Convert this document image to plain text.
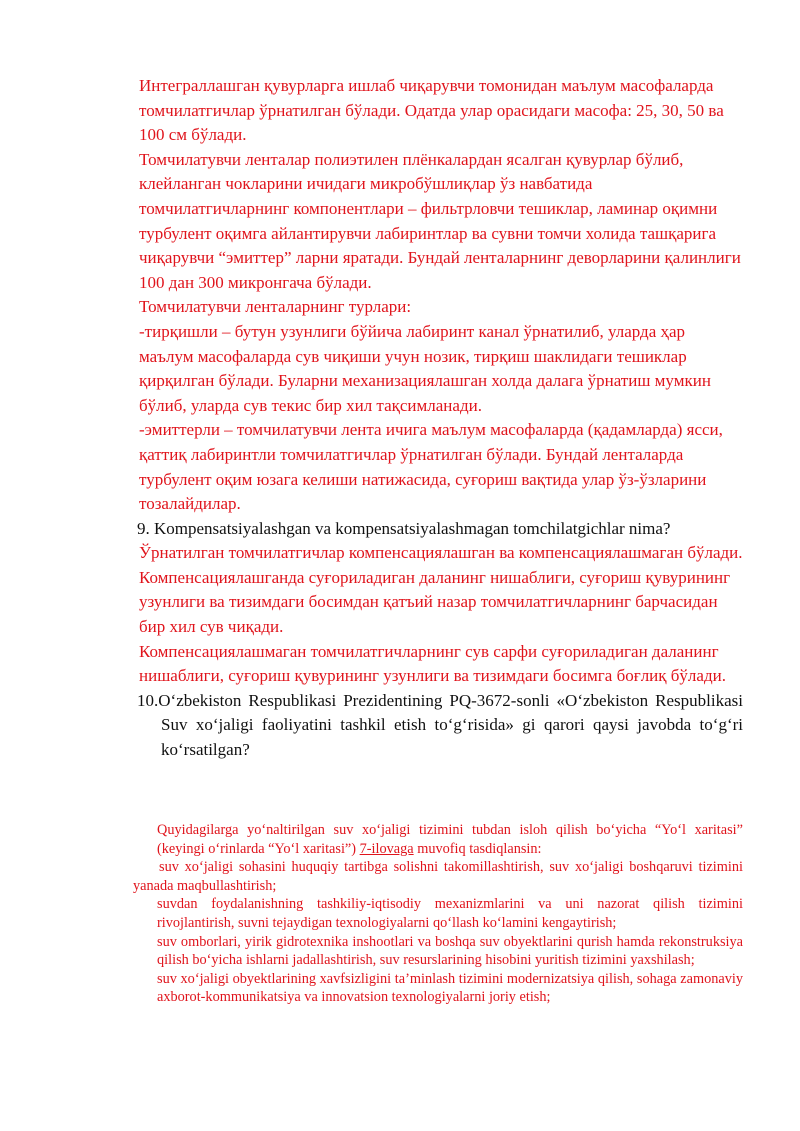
Интеграллашган қувурларга ишлаб чиқарувчи томонидан маълум масофаларда томчилатгичлар ўрнатилган бўлади. Одатда улар орасидаги масофа: 25, 30, 50 ва 100 см бўлади.

Томчилатувчи ленталар полиэтилен плёнкалардан ясалган қувурлар бўлиб, клейланган чокларини ичидаги микробўшлиқлар ўз навбатида томчилатгичларнинг компонентлари – фильтрловчи тешиклар, ламинар оқимни турбулент оқимга айлантирувчи лабиринтлар ва сувни томчи холида ташқарига чиқарувчи “эмиттер” ларни яратади. Бундай ленталарнинг деворларини қалинлиги 100 дан 300 микронгача бўлади.

Томчилатувчи ленталарнинг турлари:

-тирқишли – бутун узунлиги бўйича лабиринт канал ўрнатилиб, уларда ҳар маълум масофаларда сув чиқиши учун нозик, тирқиш шаклидаги тешиклар қирқилган бўлади. Буларни механизациялашган холда далага ўрнатиш мумкин бўлиб, уларда сув текис бир хил тақсимланади.

-эмиттерли – томчилатувчи лента ичига маълум масофаларда (қадамларда) ясси, қаттиқ лабиринтли томчилатгичлар ўрнатилган бўлади. Бундай ленталарда турбулент оқим юзага келиши натижасида, суғориш вақтида улар ўз-ўзларини тозалайдилар.

9. Kompensatsiyalashgan va kompensatsiyalashmagan tomchilatgichlar nima?

Ўрнатилган томчилатгичлар компенсациялашган ва компенсациялашмаган бўлади. Компенсациялашганда суғориладиган даланинг нишаблиги, суғориш қувурининг узунлиги ва тизимдаги босимдан қатъий назар томчилатгичларнинг барчасидан бир хил сув чиқади.

Компенсациялашмаган томчилатгичларнинг сув сарфи суғориладиган даланинг нишаблиги, суғориш қувурининг узунлиги ва тизимдаги босимга боғлиқ бўлади.

10.O‘zbekiston Respublikasi Prezidentining PQ-3672-sonli «O‘zbekiston Respublikasi Suv xo‘jaligi faoliyatini tashkil etish to‘g‘risida» gi qarori qaysi javobda to‘g‘ri ko‘rsatilgan?

Quyidagilarga yo‘naltirilgan suv xo‘jaligi tizimini tubdan isloh qilish bo‘yicha “Yo‘l xaritasi” (keyingi o‘rinlarda “Yo‘l xaritasi”) 7-ilovaga muvofiq tasdiqlansin:

suv xo‘jaligi sohasini huquqiy tartibga solishni takomillashtirish, suv xo‘jaligi boshqaruvi tizimini yanada maqbullashtirish;

suvdan foydalanishning tashkiliy-iqtisodiy mexanizmlarini va uni nazorat qilish tizimini rivojlantirish, suvni tejaydigan texnologiyalarni qo‘llash ko‘lamini kengaytirish;

suv omborlari, yirik gidrotexnika inshootlari va boshqa suv obyektlarini qurish hamda rekonstruksiya qilish bo‘yicha ishlarni jadallashtirish, suv resurslarining hisobini yuritish tizimini yaxshilash;

suv xo‘jaligi obyektlarining xavfsizligini ta’minlash tizimini modernizatsiya qilish, sohaga zamonaviy axborot-kommunikatsiya va innovatsion texnologiyalarni joriy etish;
